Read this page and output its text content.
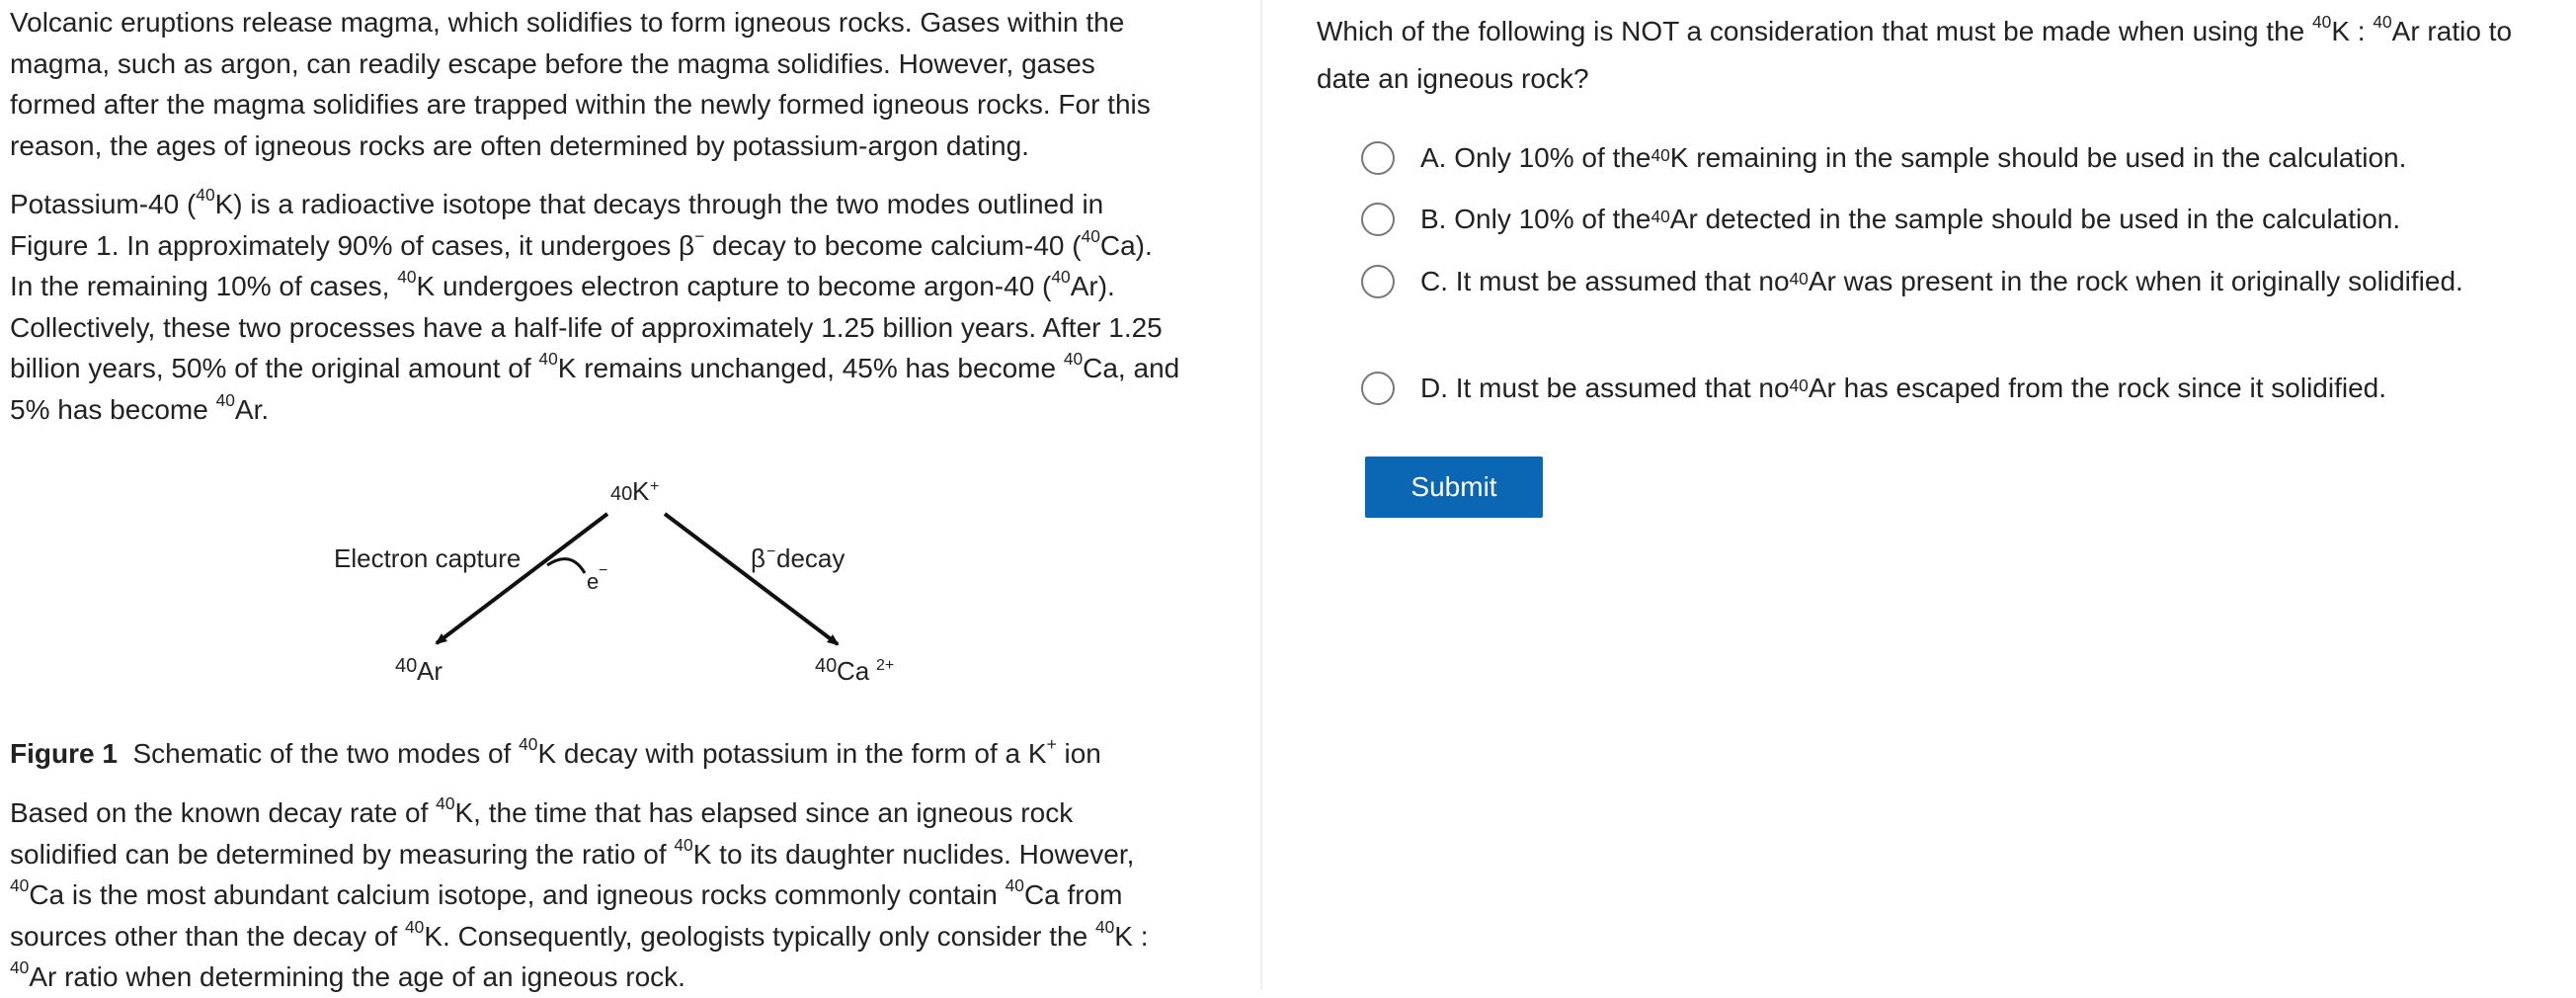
Volcanic eruptions release magma, which solidifies to form igneous rocks. Gases within the
magma, such as argon, can readily escape before the magma solidifies. However, gases
formed after the magma solidifies are trapped within the newly formed igneous rocks. For this
reason, the ages of igneous rocks are often determined by potassium-argon dating.

Potassium-40 ($^{40}$K) is a radioactive isotope that decays through the two modes outlined in
Figure 1. In approximately 90% of cases, it undergoes β− decay to become calcium-40 ($^{40}$Ca).
In the remaining 10% of cases, $^{40}$K undergoes electron capture to become argon-40 ($^{40}$Ar).
Collectively, these two processes have a half-life of approximately 1.25 billion years. After 1.25
billion years, 50% of the original amount of $^{40}$K remains unchanged, 45% has become $^{40}$Ca, and
5% has become $^{40}$Ar.

40 K +
e −
Electron capture	β − decay
40 Ar	40 Ca 2+

Figure 1  Schematic of the two modes of $^{40}$K decay with potassium in the form of a K+ ion

Based on the known decay rate of $^{40}$K, the time that has elapsed since an igneous rock
solidified can be determined by measuring the ratio of $^{40}$K to its daughter nuclides. However,
$^{40}$Ca is the most abundant calcium isotope, and igneous rocks commonly contain $^{40}$Ca from
sources other than the decay of $^{40}$K. Consequently, geologists typically only consider the $^{40}$K :
$^{40}$Ar ratio when determining the age of an igneous rock.

Which of the following is NOT a consideration that must be made when using the $^{40}$K : $^{40}$Ar ratio to date an igneous rock?

A.
Only 10% of the $^{40}$ K remaining in the sample should be used in the calculation.
B.
Only 10% of the $^{40}$ Ar detected in the sample should be used in the calculation.
C.
It must be assumed that no $^{40}$ Ar was present in the rock when it originally solidified.
D.
It must be assumed that no $^{40}$ Ar has escaped from the rock since it solidified.
Submit
